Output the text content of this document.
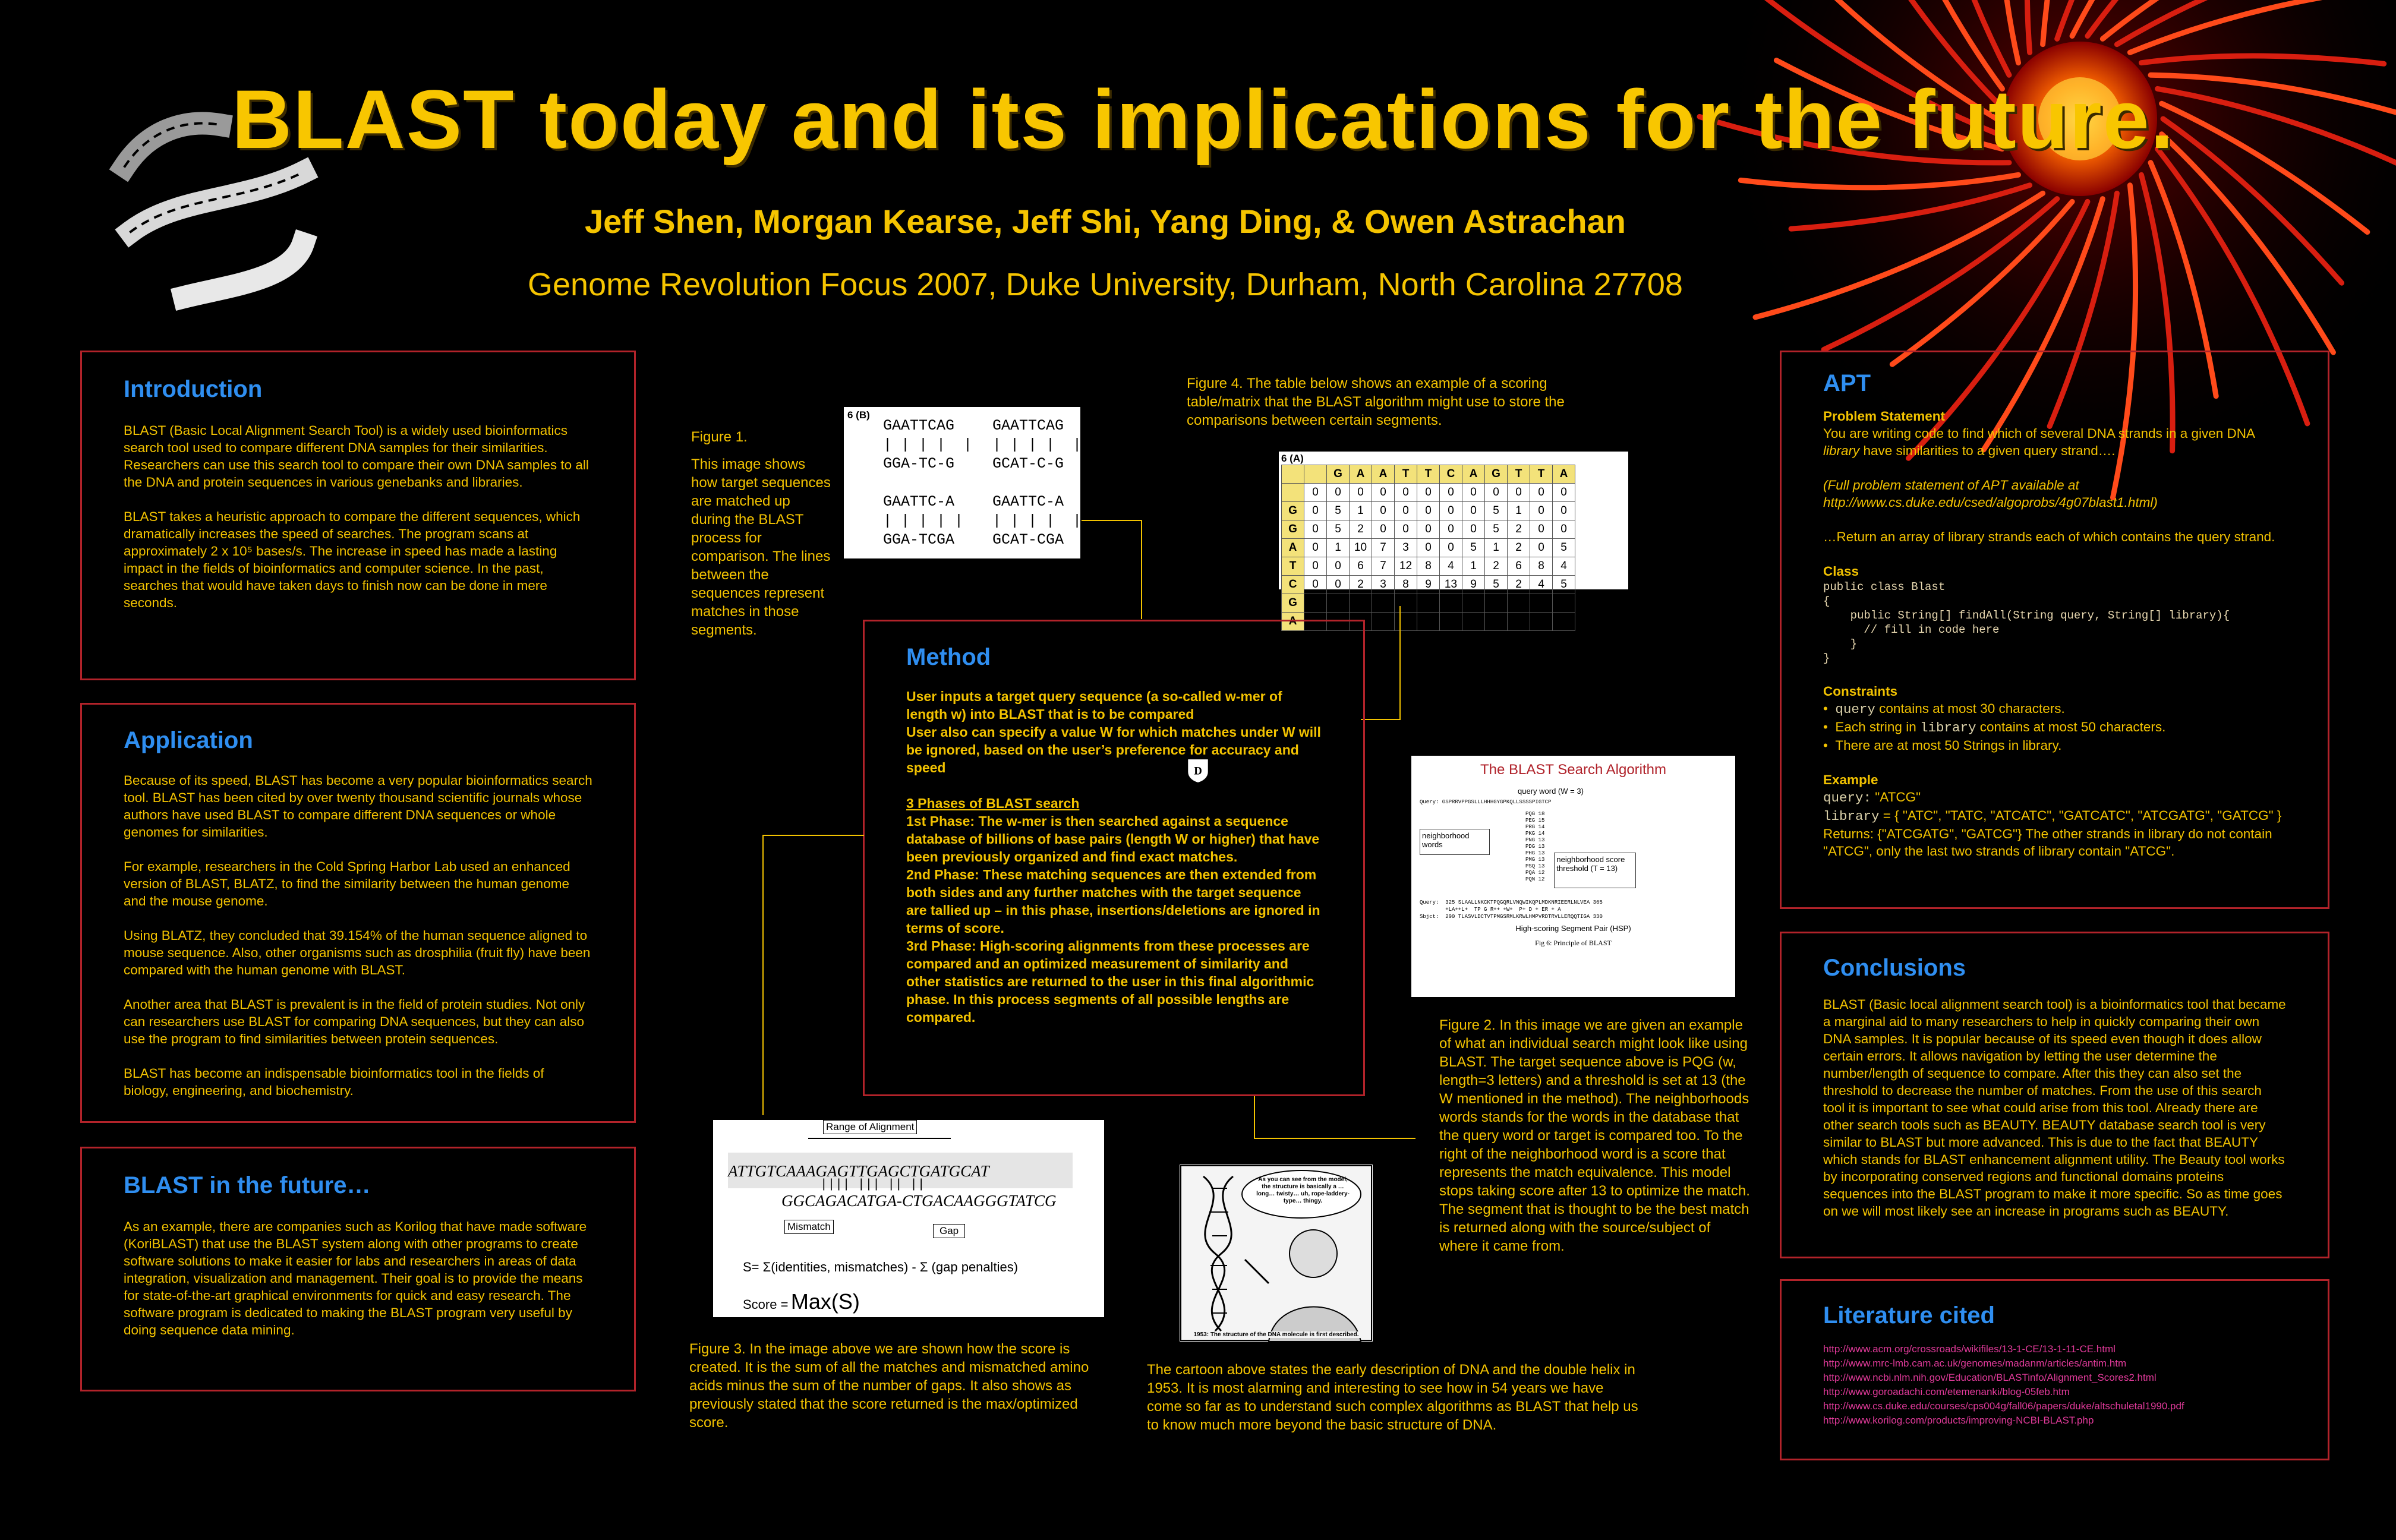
BLAST today and its implications for the future.
Jeff Shen, Morgan Kearse, Jeff Shi, Yang Ding, & Owen Astrachan
Genome Revolution Focus 2007, Duke University, Durham, North Carolina 27708
Introduction

BLAST (Basic Local Alignment Search Tool) is a widely used bioinformatics search tool used to compare different DNA samples for their similarities. Researchers can use this search tool to compare their own DNA samples to all the DNA and protein sequences in various genebanks and libraries.

BLAST takes a heuristic approach to compare the different sequences, which dramatically increases the speed of searches. The program scans at approximately 2 x 10⁵ bases/s. The increase in speed has made a lasting impact in the fields of bioinformatics and computer science. In the past, searches that would have taken days to finish now can be done in mere

seconds.

Application

Because of its speed, BLAST has become a very popular bioinformatics search tool. BLAST has been cited by over twenty thousand scientific journals whose authors have used BLAST to compare different DNA sequences or whole genomes for similarities.

For example, researchers in the Cold Spring Harbor Lab used an enhanced version of BLAST, BLATZ, to find the similarity between the human genome and the mouse genome.

Using BLATZ, they concluded that 39.154% of the human sequence aligned to mouse sequence. Also, other organisms such as drosphilia (fruit fly) have been compared with the human genome with BLAST.

Another area that BLAST is prevalent is in the field of protein studies. Not only can researchers use BLAST for comparing DNA sequences, but they can also use the program to find similarities between protein sequences.

BLAST has become an indispensable bioinformatics tool in the fields of biology, engineering, and biochemistry.

BLAST in the future…

As an example, there are companies such as Korilog that have made software (KoriBLAST) that use the BLAST system along with other programs to create software solutions to make it easier for labs and researchers in areas of data integration, visualization and management. Their goal is to provide the means for state-of-the-art graphical environments for quick and easy research. The software program is dedicated to making the BLAST program very useful by doing sequence data mining.

Figure 1.
This image shows how target sequences are matched up during the BLAST process for comparison. The lines between the sequences represent matches in those segments.
6 (B)
GAATTCAG
| | | |  |
GGA-TC-G

GAATTC-A
| | | | |
GGA-TCGA
GAATTCAG
| | | |  |
GCAT-C-G

GAATTC-A
| | | |  |
GCAT-CGA
Figure 4. The table below shows an example of a scoring table/matrix that the BLAST algorithm might use to store the comparisons between certain segments.
6 (A)
		G	A	A	T	T	C	A	G	T	T	A
	0	0	0	0	0	0	0	0	0	0	0	0
G	0	5	1	0	0	0	0	0	5	1	0	0
G	0	5	2	0	0	0	0	0	5	2	0	0
A	0	1	10	7	3	0	0	5	1	2	0	5
T	0	0	6	7	12	8	4	1	2	6	8	4
C	0	0	2	3	8	9	13	9	5	2	4	5
G	0	5	1	0	4	5	9	10	14	10	6	2
A	0	1	10	6	2	1	5	14	10	11	7	11
Method
User inputs a target query sequence (a so-called w-mer of length w) into BLAST that is to be compared
User also can specify a value W for which matches under W will be ignored, based on the user’s preference for accuracy and speed
3 Phases of BLAST search
1st Phase: The w-mer is then searched against a sequence database of billions of base pairs (length W or higher) that have been previously organized and find exact matches.
2nd Phase: These matching sequences are then extended from both sides and any further matches with the target sequence are tallied up – in this phase, insertions/deletions are ignored in terms of score.
3rd Phase: High-scoring alignments from these processes are compared and an optimized measurement of similarity and other statistics are returned to the user in this final algorithmic phase. In this process segments of all possible lengths are compared.
D	The BLAST Search Algorithm
query word (W = 3)
Query: GSPRRVPPGSLLLHHHGYGPKQLLSSSSPIGTCP
neighborhood words
PQG 18
PEG 15
PRG 14
PKG 14
PNG 13
PDG 13
PHG 13
PMG 13
PSQ 13
PQA 12
PQN 12
neighborhood score threshold (T = 13)
Query:  325 SLAALLNKCKTPQGQRLVNQWIKQPLMDKNRIEERLNLVEA 365
+LA++L+  TP G R++ +W+  P+ D + ER + A
Sbjct:  290 TLASVLDCTVTPMGSRMLKRWLHMPVRDTRVLLERQQTIGA 330
High-scoring Segment Pair (HSP)
Fig 6: Principle of BLAST
Figure 2. In this image we are given an example of what an individual search might look like using BLAST. The target sequence above is PQG (w, length=3 letters) and a threshold is set at 13 (the W mentioned in the method). The neighborhoods words stands for the words in the database that the query word or target is compared too. To the right of the neighborhood word is a score that represents the match equivalence. This model stops taking score after 13 to optimize the match. The segment that is thought to be the best match is returned along with the source/subject of where it came from.
Range of Alignment
ATTGTCAAAGAGTTGAGCTGATGCAT
|||| ||| || ||
GGCAGACATGA-CTGACAAGGGTATCG
Mismatch	Gap
S= Σ(identities, mismatches) - Σ (gap penalties)
Score = Max(S)
Figure 3. In the image above we are shown how the score is created. It is the sum of all the matches and mismatched amino acids minus the sum of the number of gaps. It also shows as previously stated that the score returned is the max/optimized score.
As you can see from the model, the structure is basically a …long… twisty… uh, rope-laddery-type… thingy.
1953: The structure of the DNA molecule is first described.
The cartoon above states the early description of DNA and the double helix in 1953. It is most alarming and interesting to see how in 54 years we have come so far as to understand such complex algorithms as BLAST that help us to know much more beyond the basic structure of DNA.
APT
Problem Statement
You are writing code to find which of several DNA strands in a given DNA library have similarities to a given query strand….
(Full problem statement of APT available at http://www.cs.duke.edu/csed/algoprobs/4g07blast1.html)
…Return an array of library strands each of which contains the query strand.
Class
public class Blast
{
public String[] findAll(String query, String[] library){
// fill in code here
}
}
Constraints
•  query contains at most 30 characters.
•  Each string in library contains at most 50 characters.
•  There are at most 50 Strings in library.
Example
query: "ATCG"
library = { "ATC", "TATC, "ATCATC", "GATCATC", "ATCGATG", "GATCG" }
Returns: {"ATCGATG", "GATCG"} The other strands in library do not contain "ATCG", only the last two strands of library contain "ATCG".
Conclusions

BLAST (Basic local alignment search tool) is a bioinformatics tool that became a marginal aid to many researchers to help in quickly comparing their own DNA samples. It is popular because of its speed even though it does allow certain errors. It allows navigation by letting the user determine the number/length of sequence to compare. After this they can also set the threshold to decrease the number of matches. From the use of this search tool it is important to see what could arise from this tool. Already there are other search tools such as BEAUTY. BEAUTY database search tool is very similar to BLAST but more advanced. This is due to the fact that BEAUTY which stands for BLAST enhancement alignment utility. The Beauty tool works by incorporating conserved regions and functional domains proteins sequences into the BLAST program to make it more specific. So as time goes on we will most likely see an increase in programs such as BEAUTY.

Literature cited
http://www.acm.org/crossroads/wikifiles/13-1-CE/13-1-11-CE.html
http://www.mrc-lmb.cam.ac.uk/genomes/madanm/articles/antim.htm
http://www.ncbi.nlm.nih.gov/Education/BLASTinfo/Alignment_Scores2.html
http://www.goroadachi.com/etemenanki/blog-05feb.htm
http://www.cs.duke.edu/courses/cps004g/fall06/papers/duke/altschuletal1990.pdf
http://www.korilog.com/products/improving-NCBI-BLAST.php
